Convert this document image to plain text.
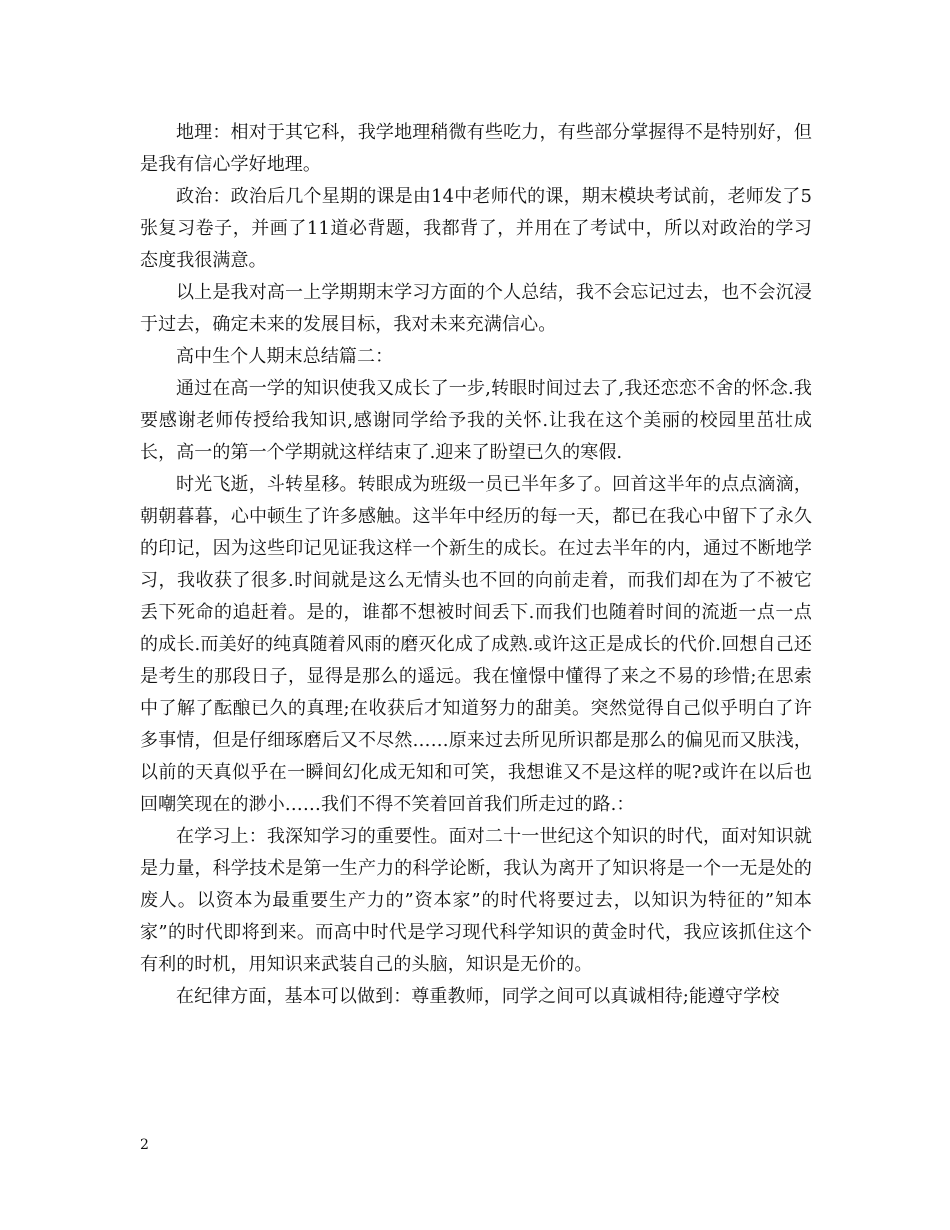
地理：相对于其它科，我学地理稍微有些吃力，有些部分掌握得不是特别好，但是我有信心学好地理。

政治：政治后几个星期的课是由14中老师代的课，期末模块考试前，老师发了5张复习卷子，并画了11道必背题，我都背了，并用在了考试中，所以对政治的学习态度我很满意。

以上是我对高一上学期期末学习方面的个人总结，我不会忘记过去，也不会沉浸于过去，确定未来的发展目标，我对未来充满信心。

高中生个人期末总结篇二：

通过在高一学的知识使我又成长了一步,转眼时间过去了,我还恋恋不舍的怀念.我要感谢老师传授给我知识,感谢同学给予我的关怀.让我在这个美丽的校园里茁壮成长，高一的第一个学期就这样结束了.迎来了盼望已久的寒假.

时光飞逝，斗转星移。转眼成为班级一员已半年多了。回首这半年的点点滴滴，朝朝暮暮，心中顿生了许多感触。这半年中经历的每一天，都已在我心中留下了永久的印记，因为这些印记见证我这样一个新生的成长。在过去半年的内，通过不断地学习，我收获了很多.时间就是这么无情头也不回的向前走着，而我们却在为了不被它丢下死命的追赶着。是的，谁都不想被时间丢下.而我们也随着时间的流逝一点一点的成长.而美好的纯真随着风雨的磨灭化成了成熟.或许这正是成长的代价.回想自己还是考生的那段日子，显得是那么的遥远。我在憧憬中懂得了来之不易的珍惜;在思索中了解了酝酿已久的真理;在收获后才知道努力的甜美。突然觉得自己似乎明白了许多事情，但是仔细琢磨后又不尽然……原来过去所见所识都是那么的偏见而又肤浅，以前的天真似乎在一瞬间幻化成无知和可笑，我想谁又不是这样的呢?或许在以后也回嘲笑现在的渺小……我们不得不笑着回首我们所走过的路.：

在学习上：我深知学习的重要性。面对二十一世纪这个知识的时代，面对知识就是力量，科学技术是第一生产力的科学论断，我认为离开了知识将是一个一无是处的废人。以资本为最重要生产力的”资本家”的时代将要过去，以知识为特征的”知本家”的时代即将到来。而高中时代是学习现代科学知识的黄金时代，我应该抓住这个有利的时机，用知识来武装自己的头脑，知识是无价的。

在纪律方面，基本可以做到：尊重教师，同学之间可以真诚相待;能遵守学校

2
